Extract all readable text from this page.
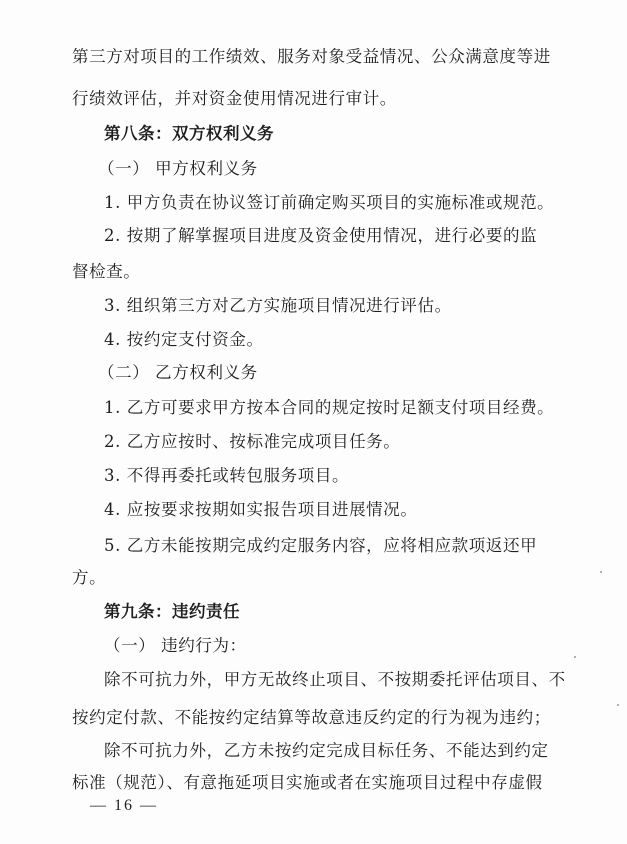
第三方对项目的工作绩效、服务对象受益情况、公众满意度等进
行绩效评估，并对资金使用情况进行审计。
第八条：双方权利义务
（一） 甲方权利义务
1. 甲方负责在协议签订前确定购买项目的实施标准或规范。
2. 按期了解掌握项目进度及资金使用情况，进行必要的监
督检查。
3. 组织第三方对乙方实施项目情况进行评估。
4. 按约定支付资金。
（二） 乙方权利义务
1. 乙方可要求甲方按本合同的规定按时足额支付项目经费。
2. 乙方应按时、按标准完成项目任务。
3. 不得再委托或转包服务项目。
4. 应按要求按期如实报告项目进展情况。
5. 乙方未能按期完成约定服务内容，应将相应款项返还甲
方。
第九条：违约责任
（一） 违约行为：
除不可抗力外，甲方无故终止项目、不按期委托评估项目、不
按约定付款、不能按约定结算等故意违反约定的行为视为违约；
除不可抗力外，乙方未按约定完成目标任务、不能达到约定
标准（规范）、有意拖延项目实施或者在实施项目过程中存虚假
— 16 —
